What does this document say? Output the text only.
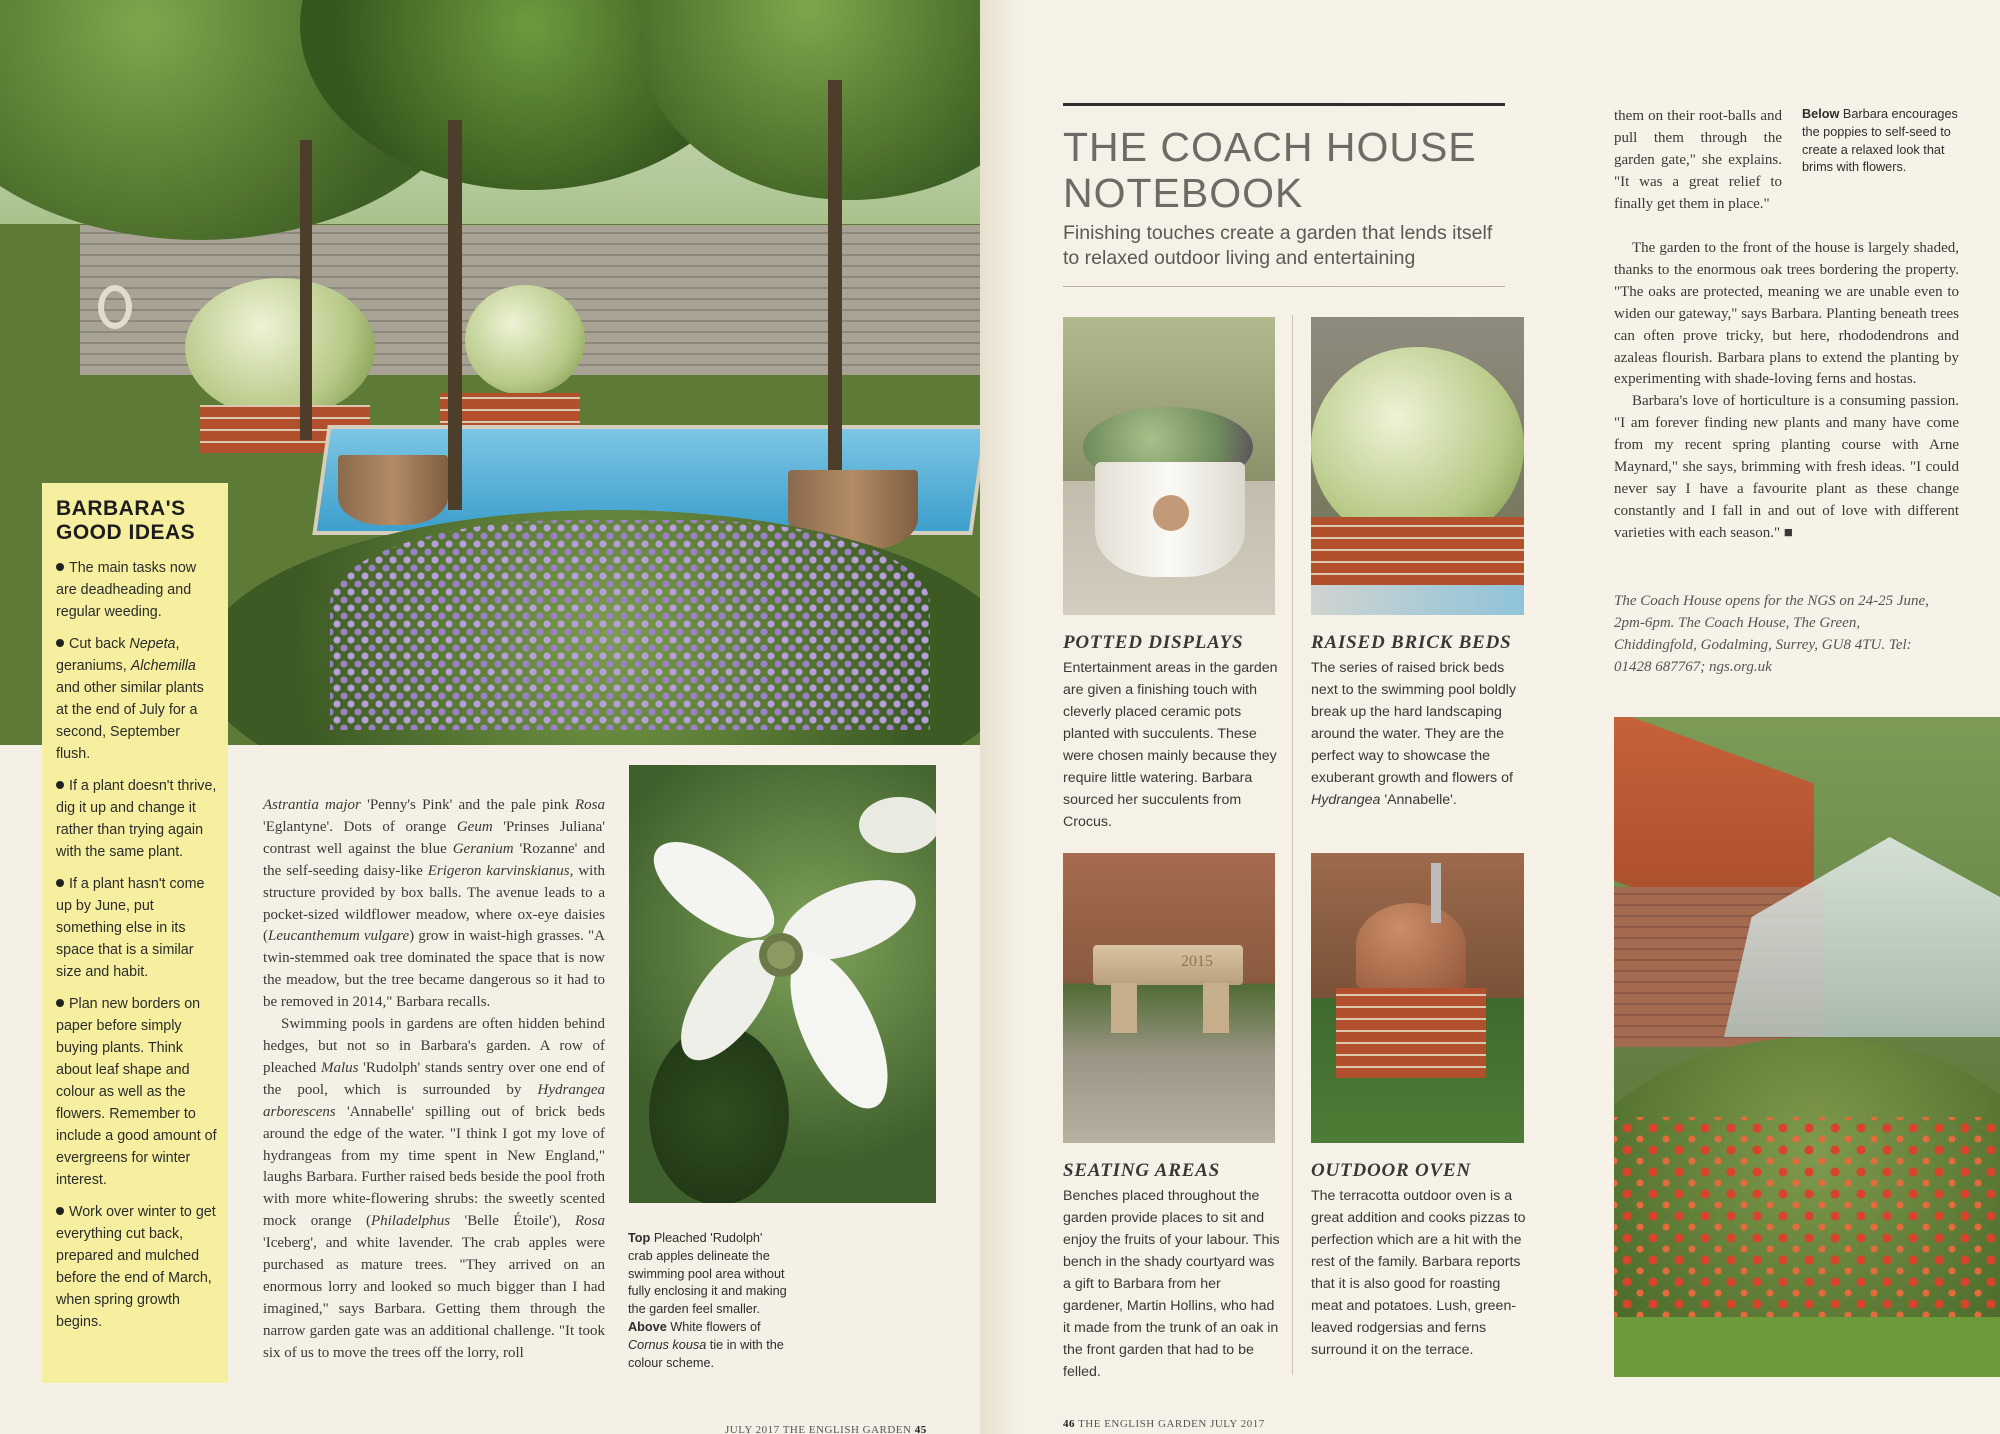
BARBARA'S
GOOD IDEAS
The main tasks now are deadheading and regular weeding.
Cut back Nepeta, geraniums, Alchemilla and other similar plants at the end of July for a second, September flush.
If a plant doesn't thrive, dig it up and change it rather than trying again with the same plant.
If a plant hasn't come up by June, put something else in its space that is a similar size and habit.
Plan new borders on paper before simply buying plants. Think about leaf shape and colour as well as the flowers. Remember to include a good amount of evergreens for winter interest.
Work over winter to get everything cut back, prepared and mulched before the end of March, when spring growth begins.

Astrantia major 'Penny's Pink' and the pale pink Rosa 'Eglantyne'. Dots of orange Geum 'Prinses Juliana' contrast well against the blue Geranium 'Rozanne' and the self-seeding daisy-like Erigeron karvinskianus, with structure provided by box balls. The avenue leads to a pocket-sized wildflower meadow, where ox-eye daisies (Leucanthemum vulgare) grow in waist-high grasses. "A twin-stemmed oak tree dominated the space that is now the meadow, but the tree became dangerous so it had to be removed in 2014," Barbara recalls.

Swimming pools in gardens are often hidden behind hedges, but not so in Barbara's garden. A row of pleached Malus 'Rudolph' stands sentry over one end of the pool, which is surrounded by Hydrangea arborescens 'Annabelle' spilling out of brick beds around the edge of the water. "I think I got my love of hydrangeas from my time spent in New England," laughs Barbara. Further raised beds beside the pool froth with more white-flowering shrubs: the sweetly scented mock orange (Philadelphus 'Belle Étoile'), Rosa 'Iceberg', and white lavender. The crab apples were purchased as mature trees. "They arrived on an enormous lorry and looked so much bigger than I had imagined," says Barbara. Getting them through the narrow garden gate was an additional challenge. "It took six of us to move the trees off the lorry, roll

Top Pleached 'Rudolph' crab apples delineate the swimming pool area without fully enclosing it and making the garden feel smaller.
Above White flowers of Cornus kousa tie in with the colour scheme.
JULY 2017 THE ENGLISH GARDEN 45
THE COACH HOUSE
NOTEBOOK
Finishing touches create a garden that lends itself to relaxed outdoor living and entertaining
2015
POTTED DISPLAYS
Entertainment areas in the garden are given a finishing touch with cleverly placed ceramic pots planted with succulents. These were chosen mainly because they require little watering. Barbara sourced her succulents from Crocus.
RAISED BRICK BEDS
The series of raised brick beds next to the swimming pool boldly break up the hard landscaping around the water. They are the perfect way to showcase the exuberant growth and flowers of Hydrangea 'Annabelle'.
SEATING AREAS
Benches placed throughout the garden provide places to sit and enjoy the fruits of your labour. This bench in the shady courtyard was a gift to Barbara from her gardener, Martin Hollins, who had it made from the trunk of an oak in the front garden that had to be felled.
OUTDOOR OVEN
The terracotta outdoor oven is a great addition and cooks pizzas to perfection which are a hit with the rest of the family. Barbara reports that it is also good for roasting meat and potatoes. Lush, green-leaved rodgersias and ferns surround it on the terrace.

them on their root-balls and pull them through the garden gate," she explains. "It was a great relief to finally get them in place."

Below Barbara encourages the poppies to self-seed to create a relaxed look that brims with flowers.

The garden to the front of the house is largely shaded, thanks to the enormous oak trees bordering the property. "The oaks are protected, meaning we are unable even to widen our gateway," says Barbara. Planting beneath trees can often prove tricky, but here, rhododendrons and azaleas flourish. Barbara plans to extend the planting by experimenting with shade-loving ferns and hostas.

Barbara's love of horticulture is a consuming passion. "I am forever finding new plants and many have come from my recent spring planting course with Arne Maynard," she says, brimming with fresh ideas. "I could never say I have a favourite plant as these change constantly and I fall in and out of love with different varieties with each season." ■

The Coach House opens for the NGS on 24-25 June, 2pm-6pm. The Coach House, The Green, Chiddingfold, Godalming, Surrey, GU8 4TU. Tel: 01428 687767; ngs.org.uk
46 THE ENGLISH GARDEN JULY 2017
